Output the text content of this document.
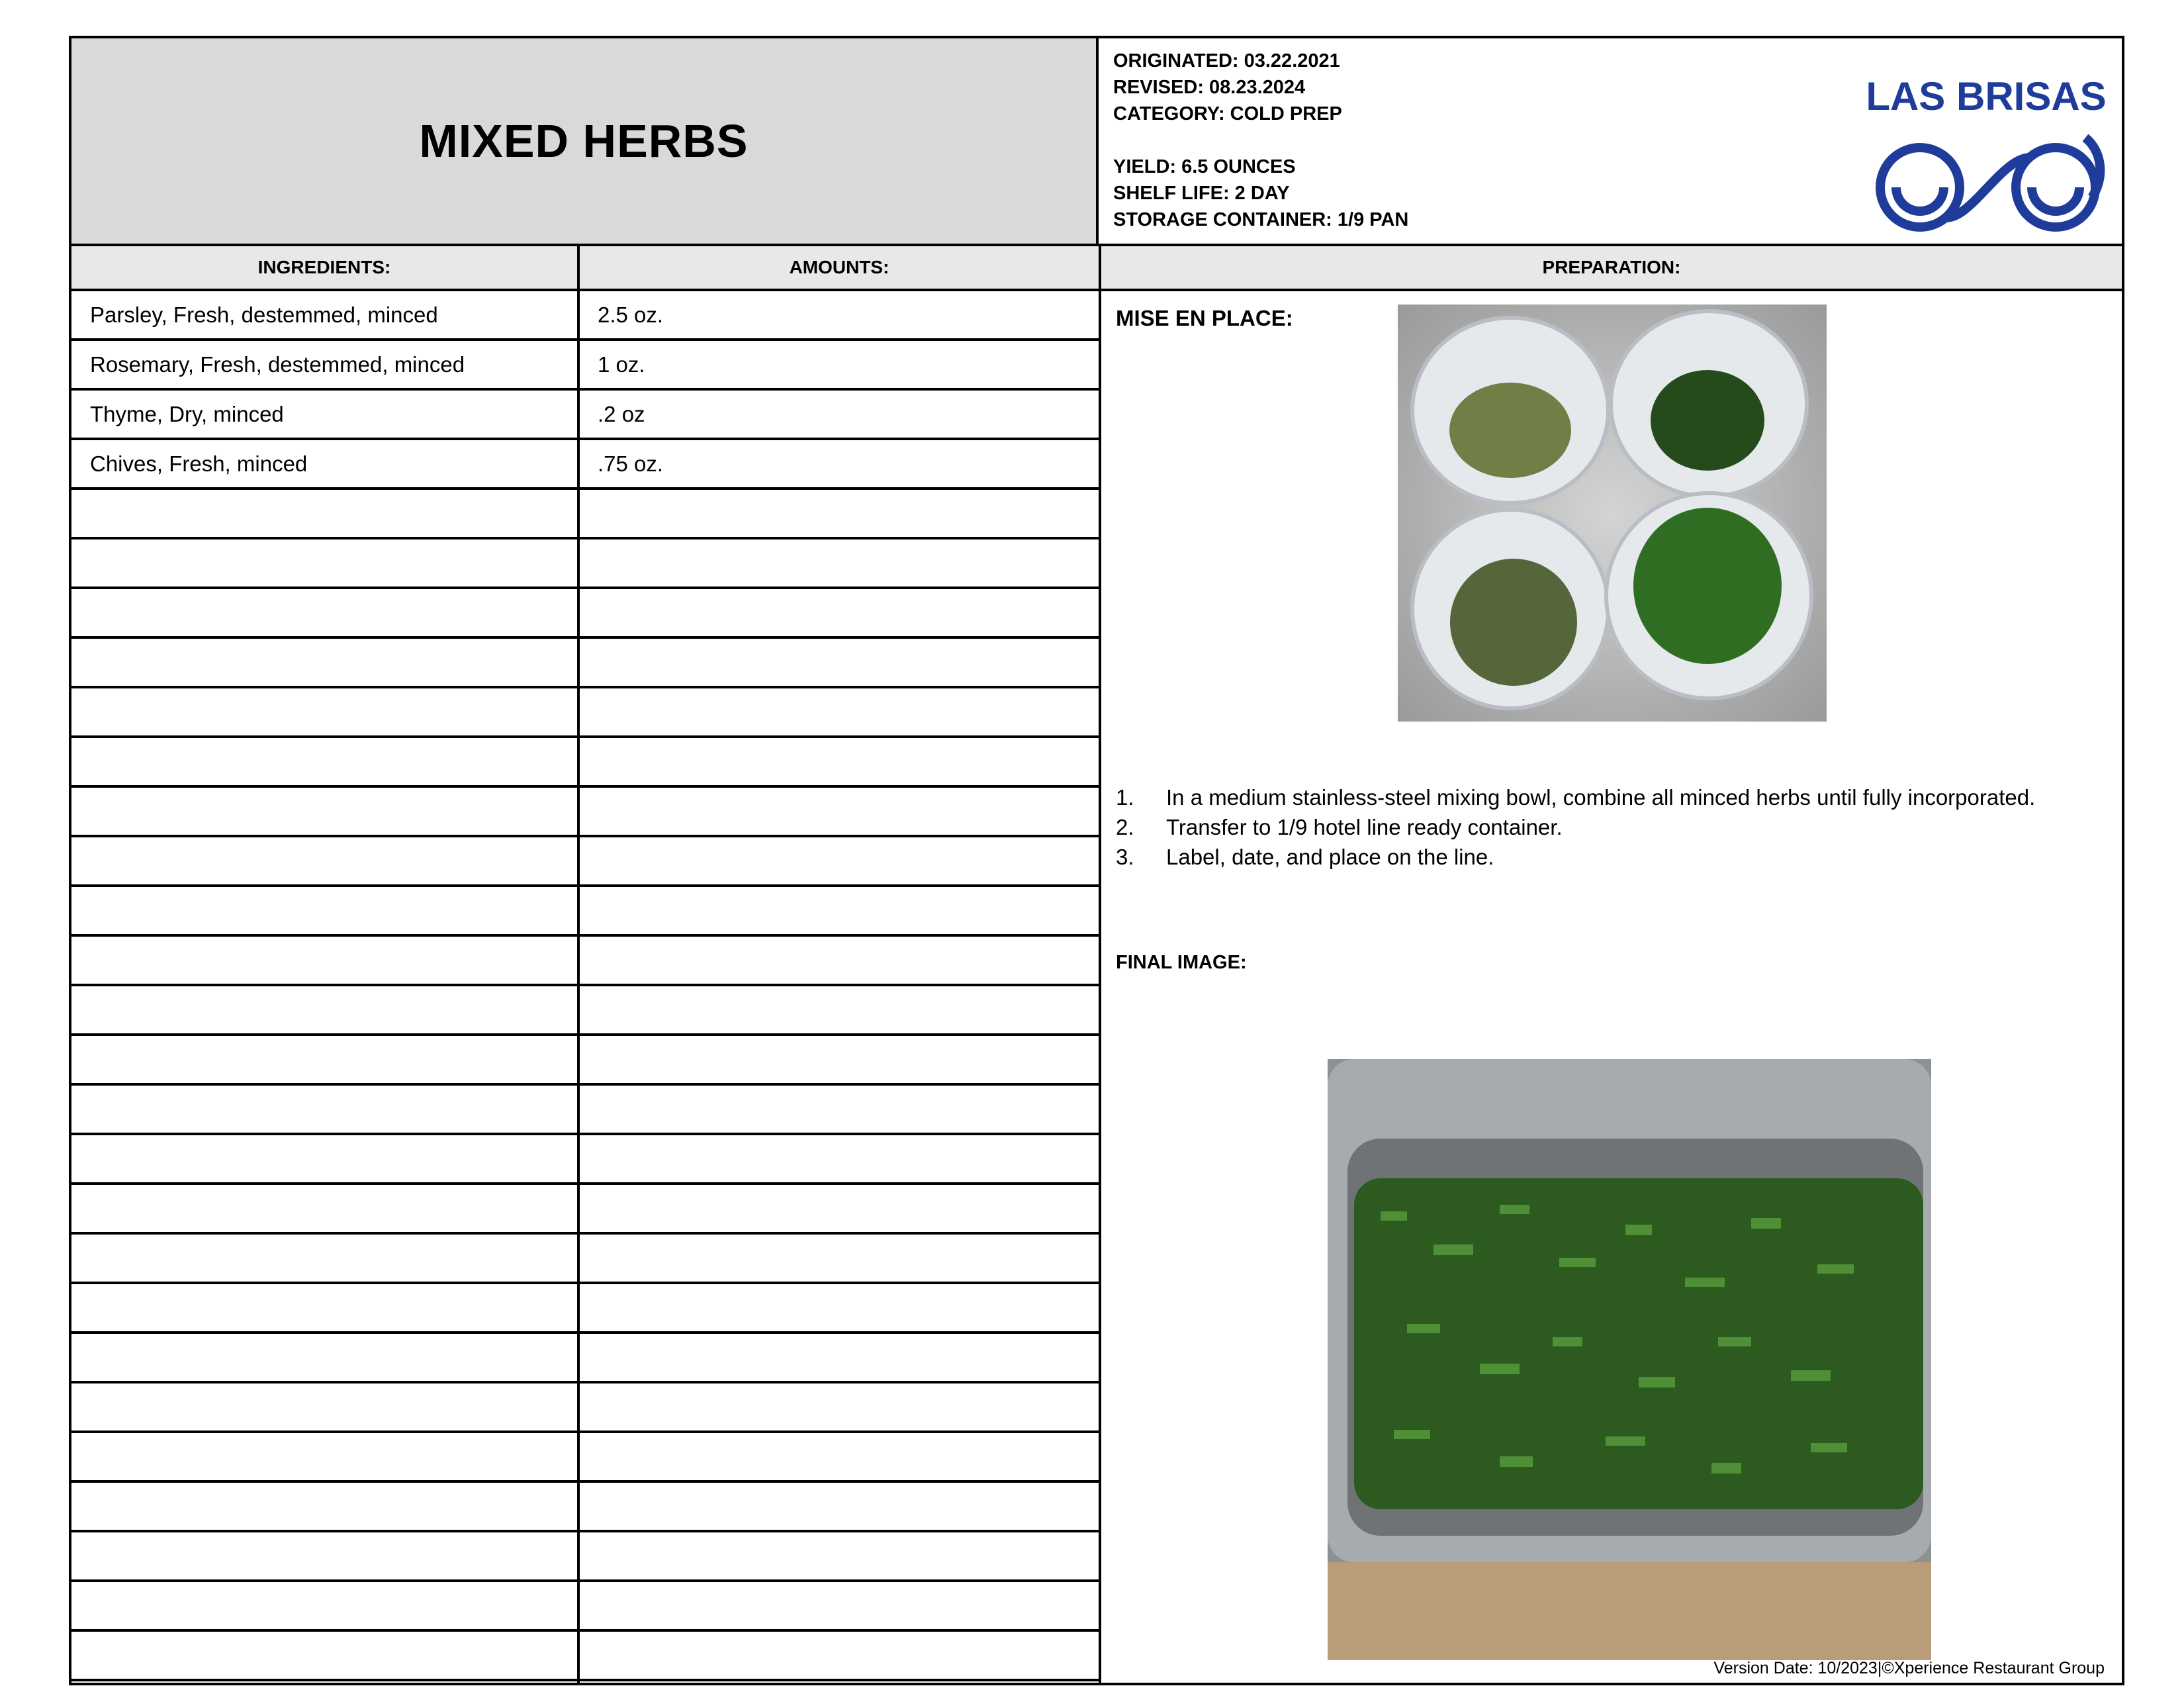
MIXED HERBS
ORIGINATED: 03.22.2021
REVISED: 08.23.2024
CATEGORY: COLD PREP
YIELD: 6.5 OUNCES
SHELF LIFE: 2 DAY
STORAGE CONTAINER: 1/9 PAN
LAS BRISAS
INGREDIENTS:	AMOUNTS:	PREPARATION:
Parsley, Fresh, destemmed, minced	2.5 oz.
Rosemary, Fresh, destemmed, minced	1 oz.
Thyme, Dry, minced	.2 oz
Chives, Fresh, minced	.75 oz.
MISE EN PLACE:
1.	In a medium stainless-steel mixing bowl, combine all minced herbs until fully incorporated.
2.	Transfer to 1/9 hotel line ready container.
3.	Label, date, and place on the line.
FINAL IMAGE:
Version Date: 10/2023|©Xperience Restaurant Group
